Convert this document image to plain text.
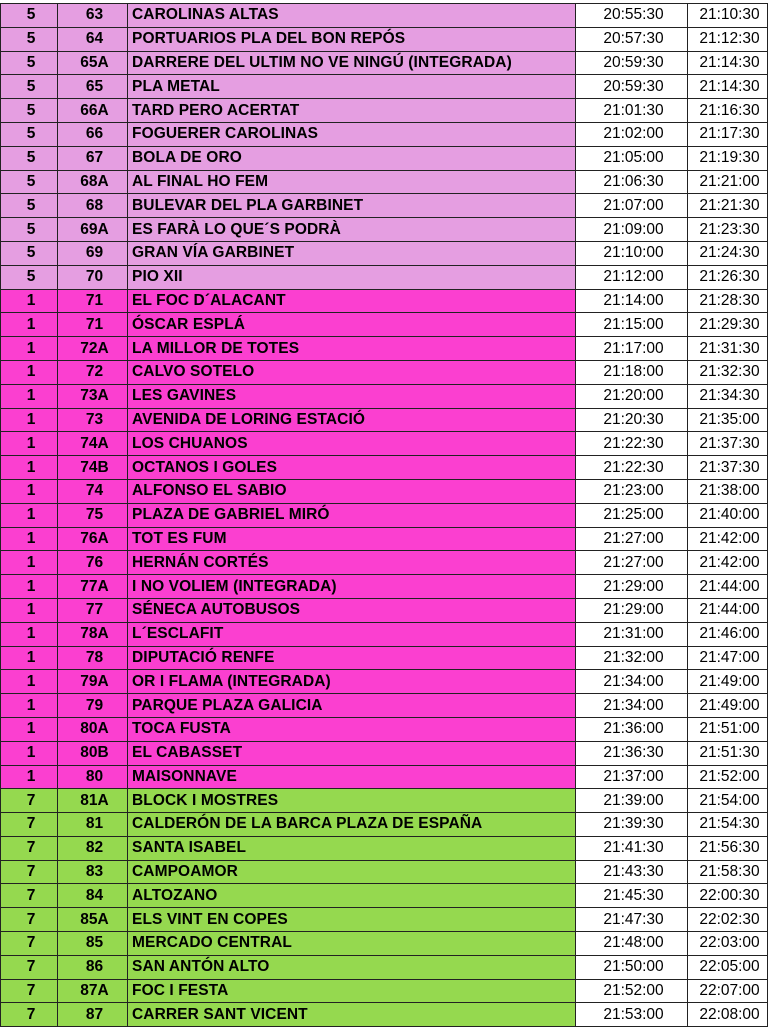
5	63	CAROLINAS ALTAS	20:55:30	21:10:30
5	64	PORTUARIOS PLA DEL BON REPÓS	20:57:30	21:12:30
5	65A	DARRERE DEL ULTIM NO VE NINGÚ (INTEGRADA)	20:59:30	21:14:30
5	65	PLA METAL	20:59:30	21:14:30
5	66A	TARD PERO ACERTAT	21:01:30	21:16:30
5	66	FOGUERER CAROLINAS	21:02:00	21:17:30
5	67	BOLA DE ORO	21:05:00	21:19:30
5	68A	AL FINAL HO FEM	21:06:30	21:21:00
5	68	BULEVAR DEL PLA GARBINET	21:07:00	21:21:30
5	69A	ES FARÀ LO QUE´S PODRÀ	21:09:00	21:23:30
5	69	GRAN VÍA GARBINET	21:10:00	21:24:30
5	70	PIO XII	21:12:00	21:26:30
1	71	EL FOC D´ALACANT	21:14:00	21:28:30
1	71	ÓSCAR ESPLÁ	21:15:00	21:29:30
1	72A	LA MILLOR DE TOTES	21:17:00	21:31:30
1	72	CALVO SOTELO	21:18:00	21:32:30
1	73A	LES GAVINES	21:20:00	21:34:30
1	73	AVENIDA DE LORING ESTACIÓ	21:20:30	21:35:00
1	74A	LOS CHUANOS	21:22:30	21:37:30
1	74B	OCTANOS I GOLES	21:22:30	21:37:30
1	74	ALFONSO EL SABIO	21:23:00	21:38:00
1	75	PLAZA DE GABRIEL MIRÓ	21:25:00	21:40:00
1	76A	TOT ES FUM	21:27:00	21:42:00
1	76	HERNÁN CORTÉS	21:27:00	21:42:00
1	77A	I NO VOLIEM (INTEGRADA)	21:29:00	21:44:00
1	77	SÉNECA AUTOBUSOS	21:29:00	21:44:00
1	78A	L´ESCLAFIT	21:31:00	21:46:00
1	78	DIPUTACIÓ RENFE	21:32:00	21:47:00
1	79A	OR I FLAMA (INTEGRADA)	21:34:00	21:49:00
1	79	PARQUE PLAZA GALICIA	21:34:00	21:49:00
1	80A	TOCA FUSTA	21:36:00	21:51:00
1	80B	EL CABASSET	21:36:30	21:51:30
1	80	MAISONNAVE	21:37:00	21:52:00
7	81A	BLOCK I MOSTRES	21:39:00	21:54:00
7	81	CALDERÓN DE LA BARCA PLAZA DE ESPAÑA	21:39:30	21:54:30
7	82	SANTA ISABEL	21:41:30	21:56:30
7	83	CAMPOAMOR	21:43:30	21:58:30
7	84	ALTOZANO	21:45:30	22:00:30
7	85A	ELS VINT EN COPES	21:47:30	22:02:30
7	85	MERCADO CENTRAL	21:48:00	22:03:00
7	86	SAN ANTÓN ALTO	21:50:00	22:05:00
7	87A	FOC I FESTA	21:52:00	22:07:00
7	87	CARRER SANT VICENT	21:53:00	22:08:00
